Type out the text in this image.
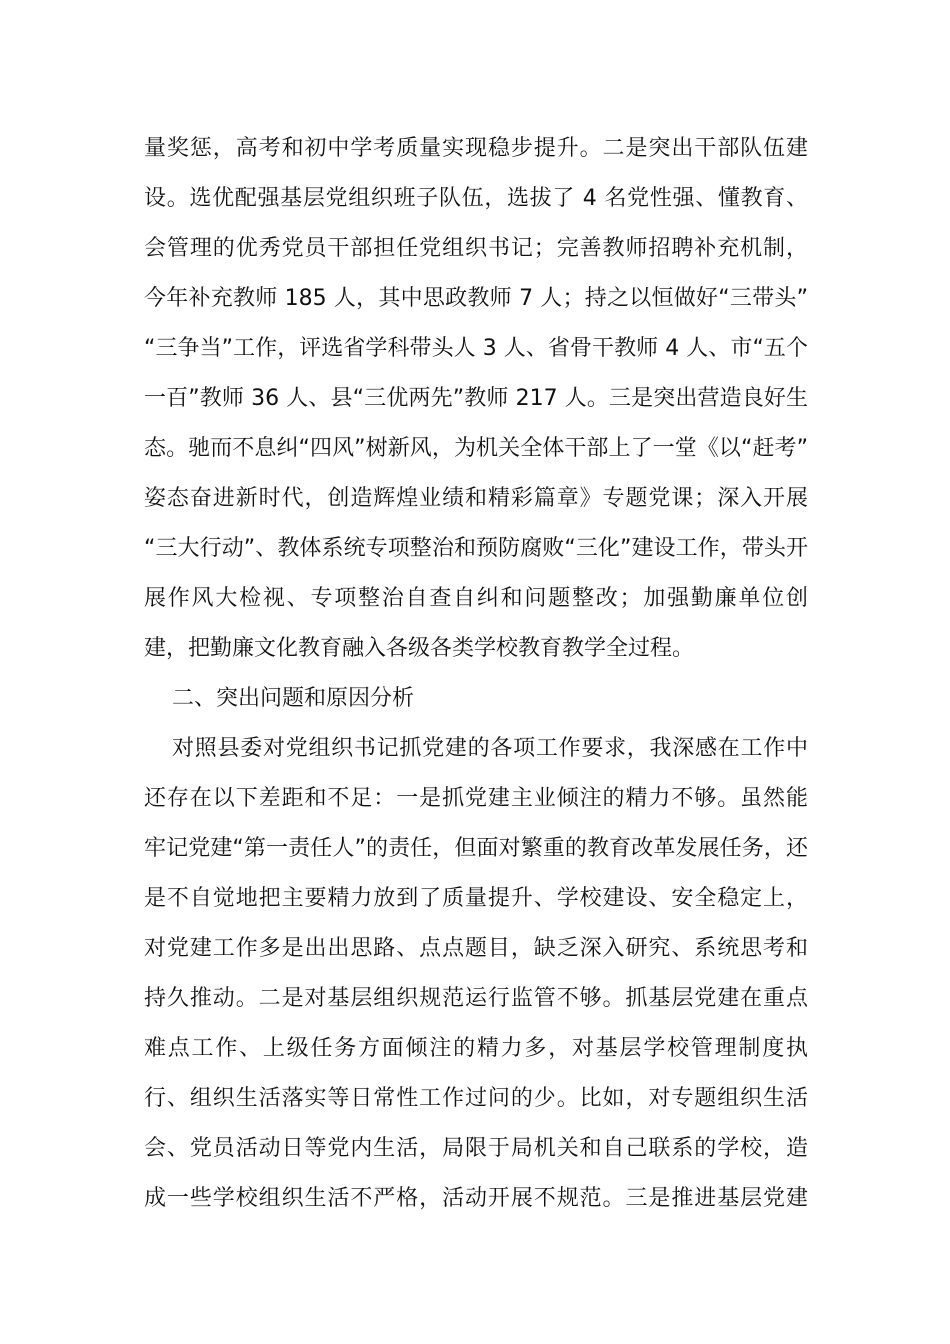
量奖惩，高考和初中学考质量实现稳步提升。二是突出干部队伍建
设。选优配强基层党组织班子队伍，选拔了 4 名党性强、懂教育、
会管理的优秀党员干部担任党组织书记；完善教师招聘补充机制，
今年补充教师 185 人，其中思政教师 7 人；持之以恒做好“三带头”
“三争当”工作，评选省学科带头人 3 人、省骨干教师 4 人、市“五个
一百”教师 36 人、县“三优两先”教师 217 人。三是突出营造良好生
态。驰而不息纠“四风”树新风，为机关全体干部上了一堂《以“赶考”
姿态奋进新时代，创造辉煌业绩和精彩篇章》专题党课；深入开展
“三大行动”、教体系统专项整治和预防腐败“三化”建设工作，带头开
展作风大检视、专项整治自查自纠和问题整改；加强勤廉单位创
建，把勤廉文化教育融入各级各类学校教育教学全过程。
二、突出问题和原因分析
对照县委对党组织书记抓党建的各项工作要求，我深感在工作中
还存在以下差距和不足：一是抓党建主业倾注的精力不够。虽然能
牢记党建“第一责任人”的责任，但面对繁重的教育改革发展任务，还
是不自觉地把主要精力放到了质量提升、学校建设、安全稳定上，
对党建工作多是出出思路、点点题目，缺乏深入研究、系统思考和
持久推动。二是对基层组织规范运行监管不够。抓基层党建在重点
难点工作、上级任务方面倾注的精力多，对基层学校管理制度执
行、组织生活落实等日常性工作过问的少。比如，对专题组织生活
会、党员活动日等党内生活，局限于局机关和自己联系的学校，造
成一些学校组织生活不严格，活动开展不规范。三是推进基层党建
